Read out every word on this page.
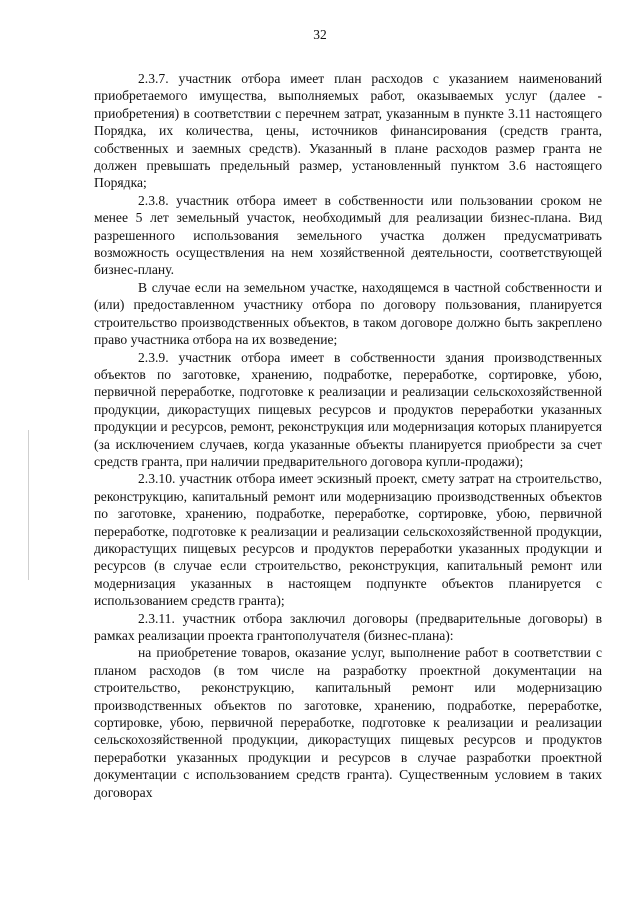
32

2.3.7. участник отбора имеет план расходов с указанием наименований приобретаемого имущества, выполняемых работ, оказываемых услуг (далее - приобретения) в соответствии с перечнем затрат, указанным в пункте 3.11 настоящего Порядка, их количества, цены, источников финансирования (средств гранта, собственных и заемных средств). Указанный в плане расходов размер гранта не должен превышать предельный размер, установленный пунктом 3.6 настоящего Порядка;

2.3.8. участник отбора имеет в собственности или пользовании сроком не менее 5 лет земельный участок, необходимый для реализации бизнес-плана. Вид разрешенного использования земельного участка должен предусматривать возможность осуществления на нем хозяйственной деятельности, соответствующей бизнес-плану.

В случае если на земельном участке, находящемся в частной собственности и (или) предоставленном участнику отбора по договору пользования, планируется строительство производственных объектов, в таком договоре должно быть закреплено право участника отбора на их возведение;

2.3.9. участник отбора имеет в собственности здания производственных объектов по заготовке, хранению, подработке, переработке, сортировке, убою, первичной переработке, подготовке к реализации и реализации сельскохозяйственной продукции, дикорастущих пищевых ресурсов и продуктов переработки указанных продукции и ресурсов, ремонт, реконструкция или модернизация которых планируется (за исключением случаев, когда указанные объекты планируется приобрести за счет средств гранта, при наличии предварительного договора купли-продажи);

2.3.10. участник отбора имеет эскизный проект, смету затрат на строительство, реконструкцию, капитальный ремонт или модернизацию производственных объектов по заготовке, хранению, подработке, переработке, сортировке, убою, первичной переработке, подготовке к реализации и реализации сельскохозяйственной продукции, дикорастущих пищевых ресурсов и продуктов переработки указанных продукции и ресурсов (в случае если строительство, реконструкция, капитальный ремонт или модернизация указанных в настоящем подпункте объектов планируется с использованием средств гранта);

2.3.11. участник отбора заключил договоры (предварительные договоры) в рамках реализации проекта грантополучателя (бизнес-плана):

на приобретение товаров, оказание услуг, выполнение работ в соответствии с планом расходов (в том числе на разработку проектной документации на строительство, реконструкцию, капитальный ремонт или модернизацию производственных объектов по заготовке, хранению, подработке, переработке, сортировке, убою, первичной переработке, подготовке к реализации и реализации сельскохозяйственной продукции, дикорастущих пищевых ресурсов и продуктов переработки указанных продукции и ресурсов в случае разработки проектной документации с использованием средств гранта). Существенным условием в таких договорах
